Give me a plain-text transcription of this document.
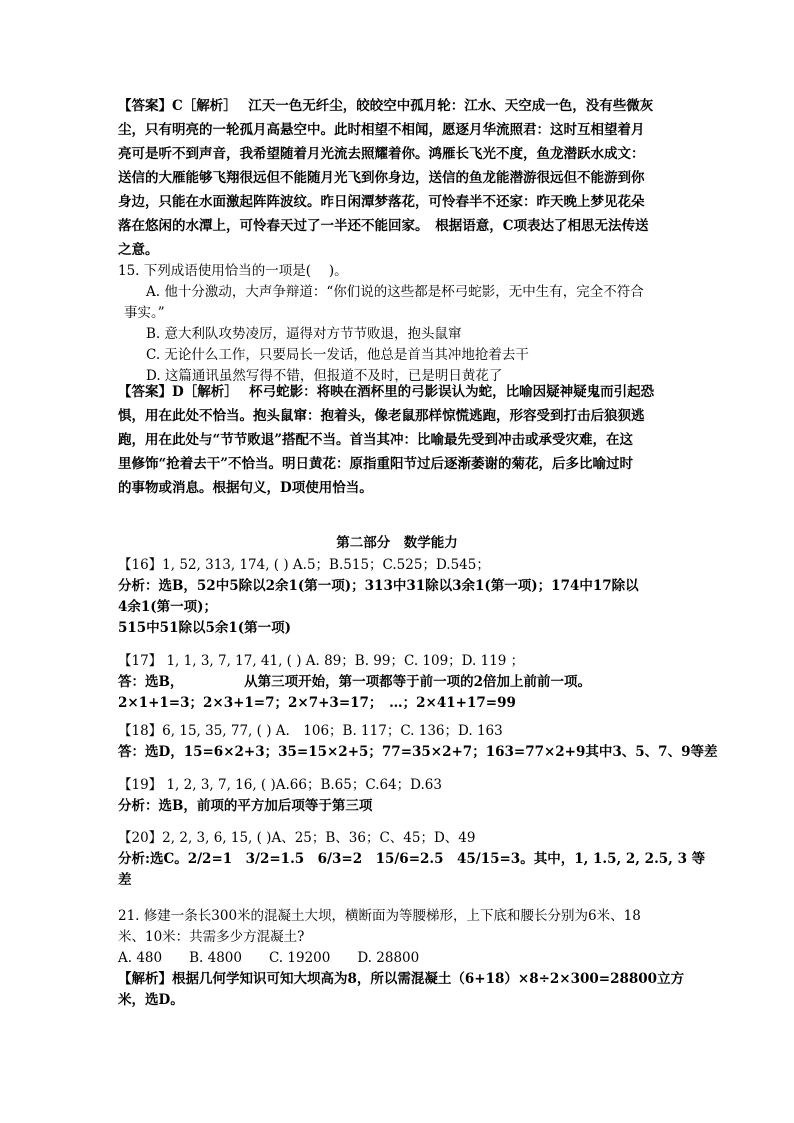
【答案】C［解析］　 江天一色无纤尘，皎皎空中孤月轮：江水、天空成一色，没有些微灰
尘，只有明亮的一轮孤月高悬空中。此时相望不相闻，愿逐月华流照君：这时互相望着月
亮可是听不到声音，我希望随着月光流去照耀着你。鸿雁长飞光不度，鱼龙潜跃水成文：
送信的大雁能够飞翔很远但不能随月光飞到你身边，送信的鱼龙能潜游很远但不能游到你
身边，只能在水面激起阵阵波纹。昨日闲潭梦落花，可怜春半不还家：昨天晚上梦见花朵
落在悠闲的水潭上，可怜春天过了一半还不能回家。　根据语意，C项表达了相思无法传送
之意。
15. 下列成语使用恰当的一项是(　 )。
A. 他十分激动，大声争辩道：“你们说的这些都是杯弓蛇影，无中生有，完全不符合
事实。”
B. 意大利队攻势凌厉，逼得对方节节败退，抱头鼠窜
C. 无论什么工作，只要局长一发话，他总是首当其冲地抢着去干
D. 这篇通讯虽然写得不错，但报道不及时，已是明日黄花了
【答案】D［解析］　 杯弓蛇影：将映在酒杯里的弓影误认为蛇，比喻因疑神疑鬼而引起恐
惧，用在此处不恰当。抱头鼠窜：抱着头，像老鼠那样惊慌逃跑，形容受到打击后狼狈逃
跑，用在此处与“节节败退”搭配不当。首当其冲：比喻最先受到冲击或承受灾难，在这
里修饰“抢着去干”不恰当。明日黄花：原指重阳节过后逐渐萎谢的菊花，后多比喻过时
的事物或消息。根据句义，D项使用恰当。
第二部分　数学能力
【16】1, 52, 313, 174, ( ) A.5；B.515；C.525；D.545；
分析：选B，52中5除以2余1(第一项)；313中31除以3余1(第一项)；174中17除以
4余1(第一项)；
515中51除以5余1(第一项)
【17】 1, 1, 3, 7, 17, 41, ( ) A. 89；B. 99；C. 109；D. 119 ；
答：选B，　　　　　从第三项开始，第一项都等于前一项的2倍加上前前一项。
2×1+1=3；2×3+1=7；2×7+3=17；　…；2×41+17=99
【18】6, 15, 35, 77, ( ) A.　106；B. 117；C. 136；D. 163
答：选D，15=6×2+3；35=15×2+5；77=35×2+7；163=77×2+9其中3、5、7、9等差
【19】 1, 2, 3, 7, 16, ( )A.66；B.65；C.64；D.63
分析：选B，前项的平方加后项等于第三项
【20】2, 2, 3, 6, 15, ( )A、25；B、36；C、45；D、49
分析:选C。2/2=1　3/2=1.5　6/3=2　15/6=2.5　45/15=3。其中，1, 1.5, 2, 2.5, 3 等
差
21. 修建一条长300米的混凝土大坝，横断面为等腰梯形，上下底和腰长分别为6米、18
米、10米：共需多少方混凝土?
A. 480　　B. 4800　　C. 19200　　D. 28800
【解析】根据几何学知识可知大坝高为8，所以需混凝土（6+18）×8÷2×300=28800立方
米，选D。
